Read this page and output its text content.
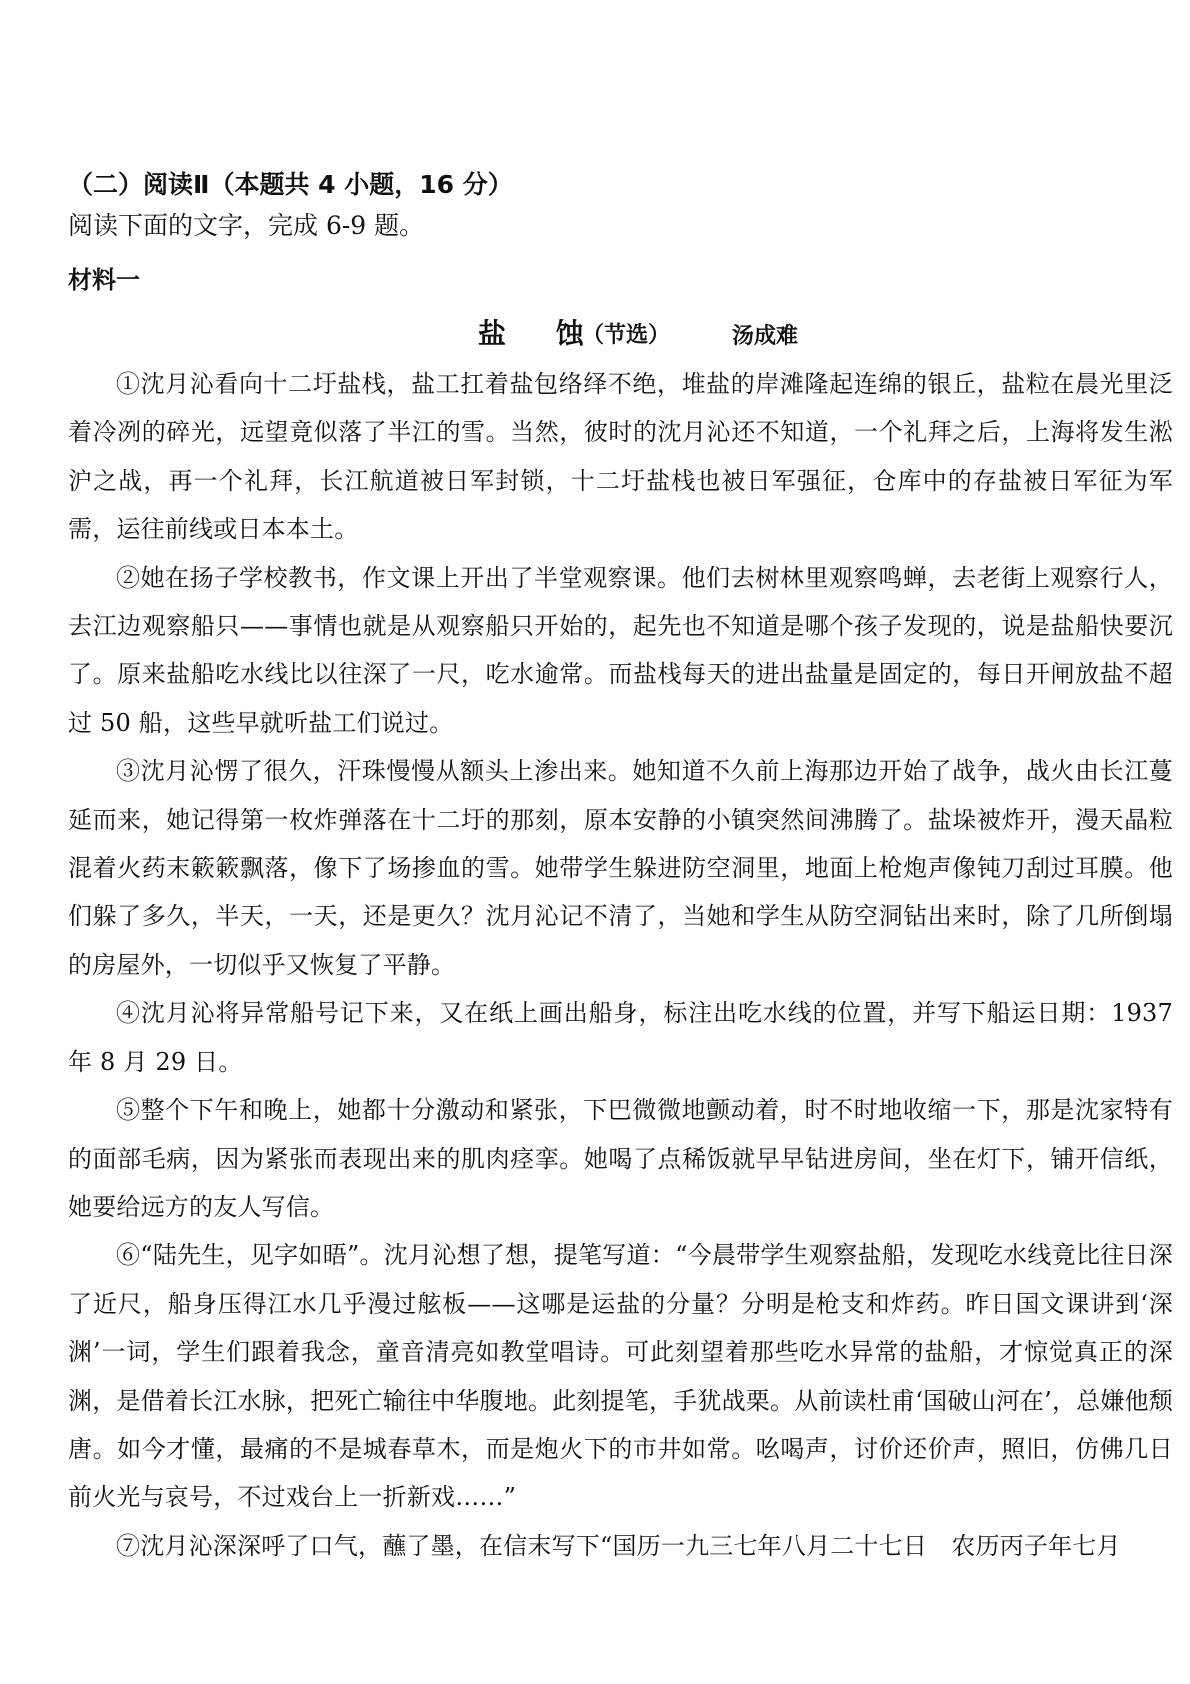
（二）阅读Ⅱ（本题共 4 小题，16 分）
阅读下面的文字，完成 6-9 题。
材料一
盐 蚀
（节选）	汤成难

①沈月沁看向十二圩盐栈，盐工扛着盐包络绎不绝，堆盐的岸滩隆起连绵的银丘，盐粒在晨光里泛着冷冽的碎光，远望竟似落了半江的雪。当然，彼时的沈月沁还不知道，一个礼拜之后，上海将发生淞沪之战，再一个礼拜，长江航道被日军封锁，十二圩盐栈也被日军强征，仓库中的存盐被日军征为军需，运往前线或日本本土。

②她在扬子学校教书，作文课上开出了半堂观察课。他们去树林里观察鸣蝉，去老街上观察行人，去江边观察船只——事情也就是从观察船只开始的，起先也不知道是哪个孩子发现的，说是盐船快要沉了。原来盐船吃水线比以往深了一尺，吃水逾常。而盐栈每天的进出盐量是固定的，每日开闸放盐不超过 50 船，这些早就听盐工们说过。

③沈月沁愣了很久，汗珠慢慢从额头上渗出来。她知道不久前上海那边开始了战争，战火由长江蔓延而来，她记得第一枚炸弹落在十二圩的那刻，原本安静的小镇突然间沸腾了。盐垛被炸开，漫天晶粒混着火药末簌簌飘落，像下了场掺血的雪。她带学生躲进防空洞里，地面上枪炮声像钝刀刮过耳膜。他们躲了多久，半天，一天，还是更久？沈月沁记不清了，当她和学生从防空洞钻出来时，除了几所倒塌的房屋外，一切似乎又恢复了平静。

④沈月沁将异常船号记下来，又在纸上画出船身，标注出吃水线的位置，并写下船运日期：1937 年 8 月 29 日。

⑤整个下午和晚上，她都十分激动和紧张，下巴微微地颤动着，时不时地收缩一下，那是沈家特有的面部毛病，因为紧张而表现出来的肌肉痉挛。她喝了点稀饭就早早钻进房间，坐在灯下，铺开信纸，她要给远方的友人写信。

⑥“陆先生，见字如晤”。沈月沁想了想，提笔写道：“今晨带学生观察盐船，发现吃水线竟比往日深了近尺，船身压得江水几乎漫过舷板——这哪是运盐的分量？分明是枪支和炸药。昨日国文课讲到‘深渊’一词，学生们跟着我念，童音清亮如教堂唱诗。可此刻望着那些吃水异常的盐船，才惊觉真正的深渊，是借着长江水脉，把死亡输往中华腹地。此刻提笔，手犹战栗。从前读杜甫‘国破山河在’，总嫌他颓唐。如今才懂，最痛的不是城春草木，而是炮火下的市井如常。吆喝声，讨价还价声，照旧，仿佛几日前火光与哀号，不过戏台上一折新戏……”

⑦沈月沁深深呼了口气，蘸了墨，在信末写下“国历一九三七年八月二十七日　农历丙子年七月
